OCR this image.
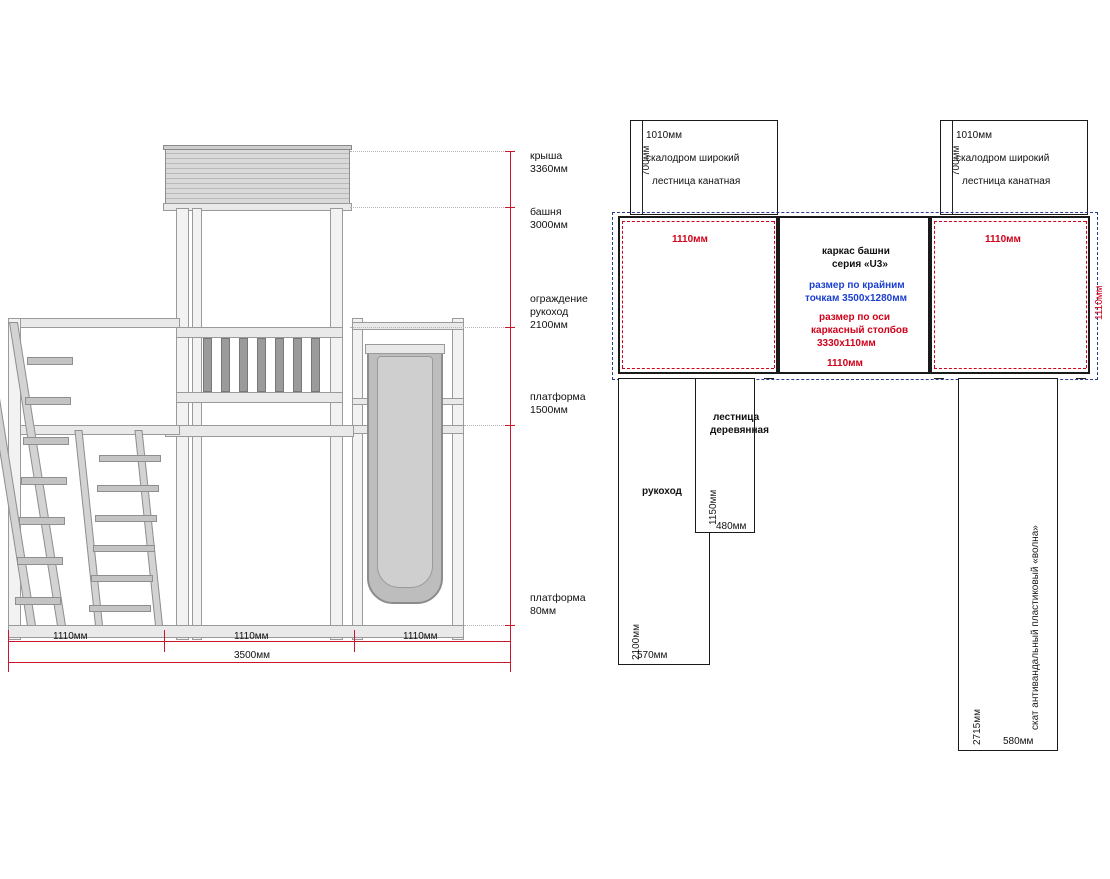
крыша
3360мм
башня
3000мм
ограждение
рукоход
2100мм
платформа
1500мм
платформа
80мм
1110мм	1110мм	1110мм
3500мм
700мм
1010мм
скалодром широкий
лестница канатная
700мм
1010мм
скалодром широкий
лестница канатная
1110мм	1110мм
1110мм
каркас башни
серия «U3»
размер по крайним
точкам 3500х1280мм
размер по оси
каркасный столбов
3330х110мм
1110мм
рукоход
2100мм
570мм
лестница
деревянная
1150мм
480мм	скат антивандальный пластиковый «волна»
2715мм 580мм
